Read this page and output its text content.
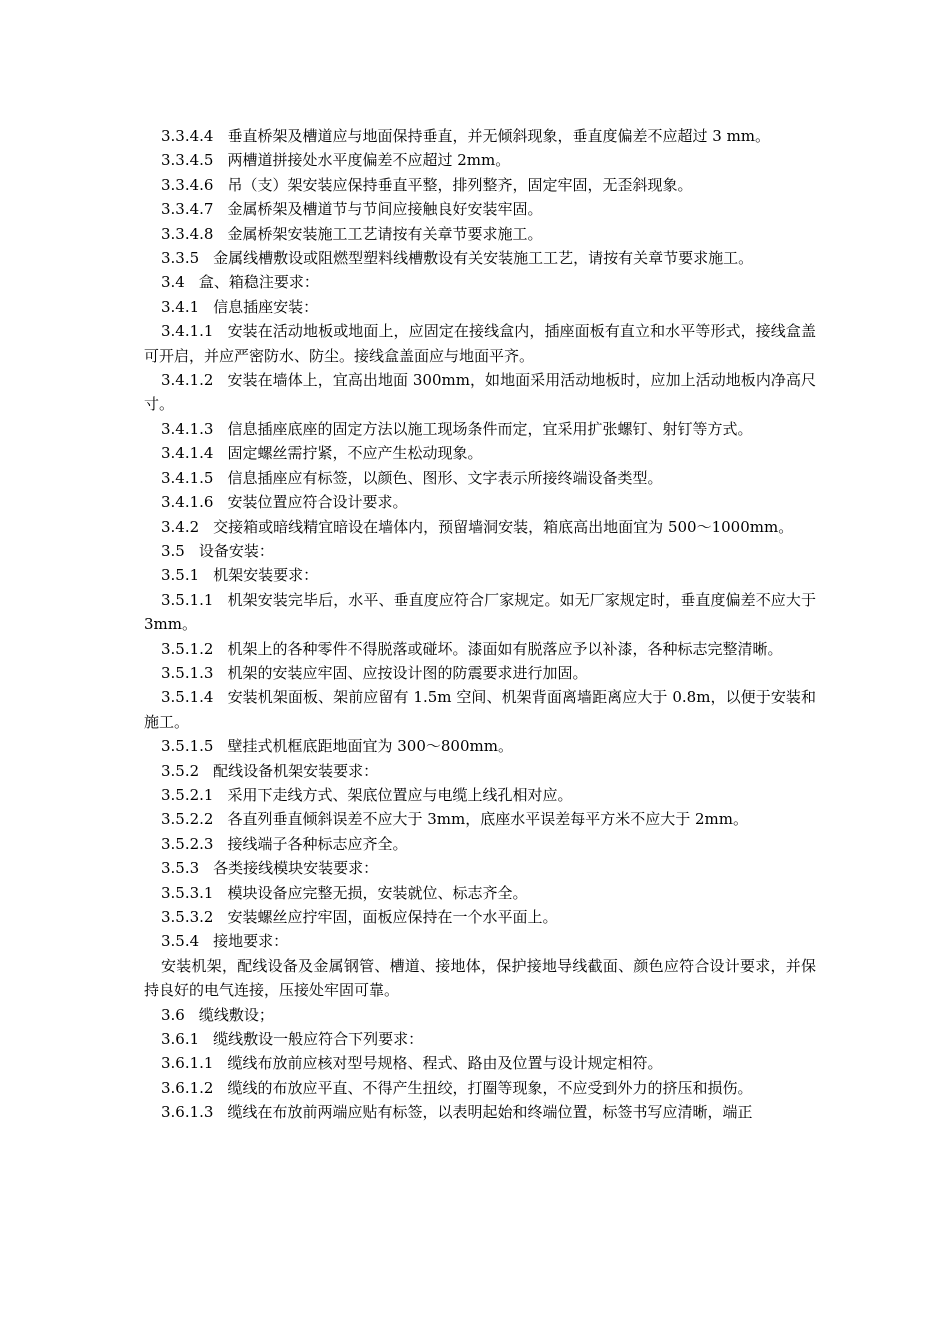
3.3.4.4 垂直桥架及槽道应与地面保持垂直，并无倾斜现象，垂直度偏差不应超过 3 mm。

3.3.4.5 两槽道拼接处水平度偏差不应超过 2mm。

3.3.4.6 吊（支）架安装应保持垂直平整，排列整齐，固定牢固，无歪斜现象。

3.3.4.7 金属桥架及槽道节与节间应接触良好安装牢固。

3.3.4.8 金属桥架安装施工工艺请按有关章节要求施工。

3.3.5 金属线槽敷设或阻燃型塑料线槽敷设有关安装施工工艺，请按有关章节要求施工。

3.4 盒、箱稳注要求：

3.4.1 信息插座安装：

3.4.1.1 安装在活动地板或地面上，应固定在接线盒内，插座面板有直立和水平等形式，接线盒盖可开启，并应严密防水、防尘。接线盒盖面应与地面平齐。

3.4.1.2 安装在墙体上，宜高出地面 300mm，如地面采用活动地板时，应加上活动地板内净高尺寸。

3.4.1.3 信息插座底座的固定方法以施工现场条件而定，宜采用扩张螺钉、射钉等方式。

3.4.1.4 固定螺丝需拧紧，不应产生松动现象。

3.4.1.5 信息插座应有标签，以颜色、图形、文字表示所接终端设备类型。

3.4.1.6 安装位置应符合设计要求。

3.4.2 交接箱或暗线精宜暗设在墙体内，预留墙洞安装，箱底高出地面宜为 500～1000mm。

3.5 设备安装：

3.5.1 机架安装要求：

3.5.1.1 机架安装完毕后，水平、垂直度应符合厂家规定。如无厂家规定时，垂直度偏差不应大于 3mm。

3.5.1.2 机架上的各种零件不得脱落或碰坏。漆面如有脱落应予以补漆，各种标志完整清晰。

3.5.1.3 机架的安装应牢固、应按设计图的防震要求进行加固。

3.5.1.4 安装机架面板、架前应留有 1.5m 空间、机架背面离墙距离应大于 0.8m，以便于安装和施工。

3.5.1.5 壁挂式机框底距地面宜为 300～800mm。

3.5.2 配线设备机架安装要求：

3.5.2.1 采用下走线方式、架底位置应与电缆上线孔相对应。

3.5.2.2 各直列垂直倾斜误差不应大于 3mm，底座水平误差每平方米不应大于 2mm。

3.5.2.3 接线端子各种标志应齐全。

3.5.3 各类接线模块安装要求：

3.5.3.1 模块设备应完整无损，安装就位、标志齐全。

3.5.3.2 安装螺丝应拧牢固，面板应保持在一个水平面上。

3.5.4 接地要求：

安装机架，配线设备及金属钢管、槽道、接地体，保护接地导线截面、颜色应符合设计要求，并保持良好的电气连接，压接处牢固可靠。

3.6 缆线敷设；

3.6.1 缆线敷设一般应符合下列要求：

3.6.1.1 缆线布放前应核对型号规格、程式、路由及位置与设计规定相符。

3.6.1.2 缆线的布放应平直、不得产生扭绞，打圈等现象，不应受到外力的挤压和损伤。

3.6.1.3 缆线在布放前两端应贴有标签，以表明起始和终端位置，标签书写应清晰，端正
